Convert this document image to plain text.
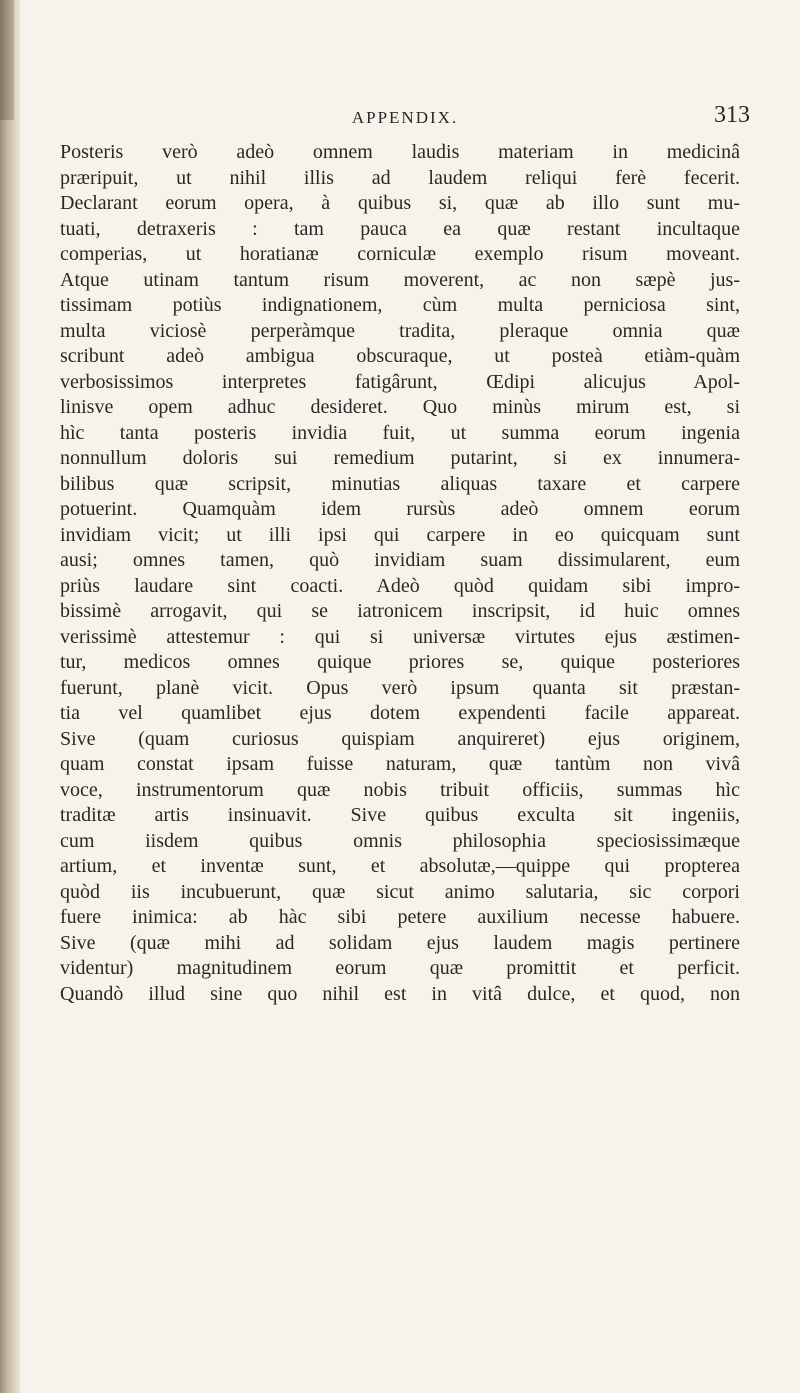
APPENDIX.	313
Posteris verò adeò omnem laudis materiam in medicinâ
præripuit, ut nihil illis ad laudem reliqui ferè fecerit.
Declarant eorum opera, à quibus si, quæ ab illo sunt mu-
tuati, detraxeris : tam pauca ea quæ restant incultaque
comperias, ut horatianæ corniculæ exemplo risum moveant.
Atque utinam tantum risum moverent, ac non sæpè jus-
tissimam potiùs indignationem, cùm multa perniciosa sint,
multa viciosè perperàmque tradita, pleraque omnia quæ
scribunt adeò ambigua obscuraque, ut posteà etiàm-quàm
verbosissimos interpretes fatigârunt, Œdipi alicujus Apol-
linisve opem adhuc desideret. Quo minùs mirum est, si
hìc tanta posteris invidia fuit, ut summa eorum ingenia
nonnullum doloris sui remedium putarint, si ex innumera-
bilibus quæ scripsit, minutias aliquas taxare et carpere
potuerint. Quamquàm idem rursùs adeò omnem eorum
invidiam vicit; ut illi ipsi qui carpere in eo quicquam sunt
ausi; omnes tamen, quò invidiam suam dissimularent, eum
priùs laudare sint coacti. Adeò quòd quidam sibi impro-
bissimè arrogavit, qui se iatronicem inscripsit, id huic omnes
verissimè attestemur : qui si universæ virtutes ejus æstimen-
tur, medicos omnes quique priores se, quique posteriores
fuerunt, planè vicit. Opus verò ipsum quanta sit præstan-
tia vel quamlibet ejus dotem expendenti facile appareat.
Sive (quam curiosus quispiam anquireret) ejus originem,
quam constat ipsam fuisse naturam, quæ tantùm non vivâ
voce, instrumentorum quæ nobis tribuit officiis, summas hìc
traditæ artis insinuavit. Sive quibus exculta sit ingeniis,
cum iisdem quibus omnis philosophia speciosissimæque
artium, et inventæ sunt, et absolutæ,—quippe qui propterea
quòd iis incubuerunt, quæ sicut animo salutaria, sic corpori
fuere inimica: ab hàc sibi petere auxilium necesse habuere.
Sive (quæ mihi ad solidam ejus laudem magis pertinere
videntur) magnitudinem eorum quæ promittit et perficit.
Quandò illud sine quo nihil est in vitâ dulce, et quod, non
